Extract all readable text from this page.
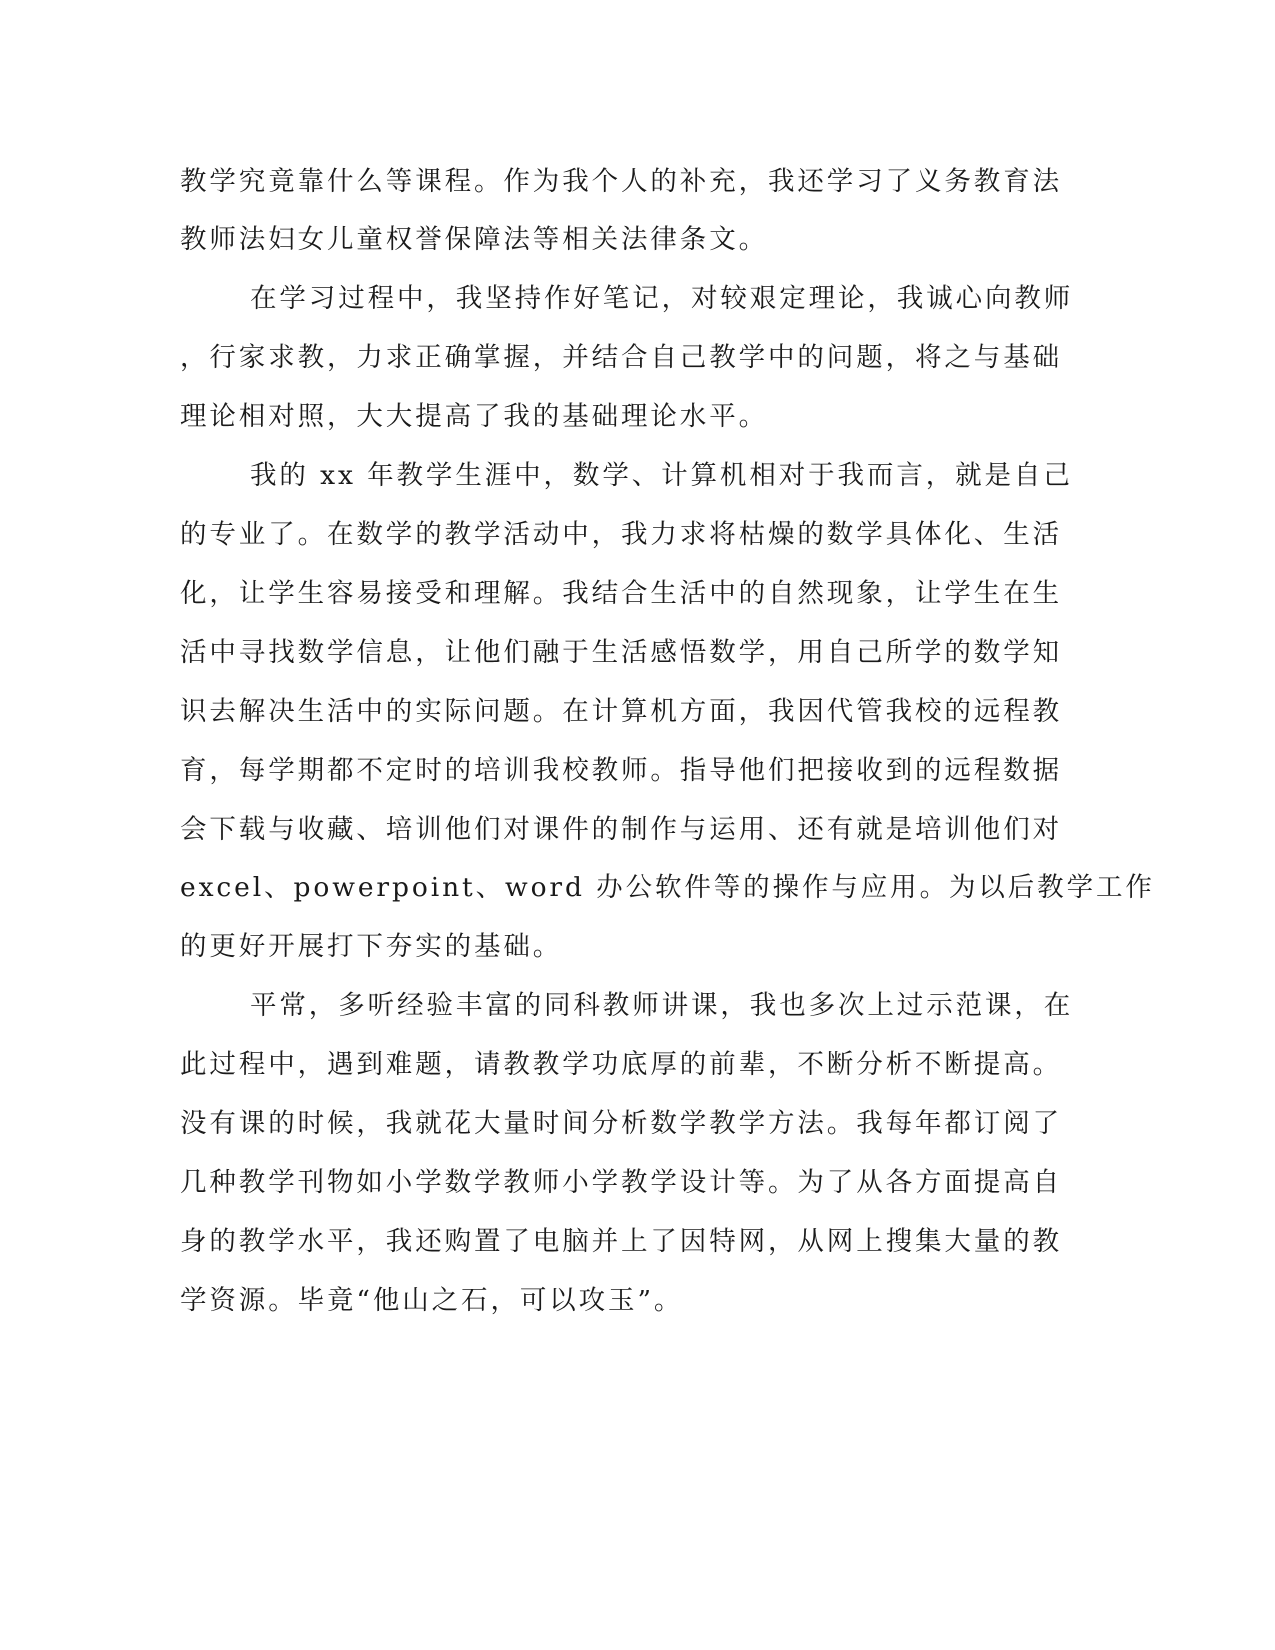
教学究竟靠什么等课程。作为我个人的补充，我还学习了义务教育法
教师法妇女儿童权誉保障法等相关法律条文。
在学习过程中，我坚持作好笔记，对较艰定理论，我诚心向教师
，行家求教，力求正确掌握，并结合自己教学中的问题，将之与基础
理论相对照，大大提高了我的基础理论水平。
我的 xx 年教学生涯中，数学、计算机相对于我而言，就是自己
的专业了。在数学的教学活动中，我力求将枯燥的数学具体化、生活
化，让学生容易接受和理解。我结合生活中的自然现象，让学生在生
活中寻找数学信息，让他们融于生活感悟数学，用自己所学的数学知
识去解决生活中的实际问题。在计算机方面，我因代管我校的远程教
育，每学期都不定时的培训我校教师。指导他们把接收到的远程数据
会下载与收藏、培训他们对课件的制作与运用、还有就是培训他们对
excel、powerpoint、word 办公软件等的操作与应用。为以后教学工作
的更好开展打下夯实的基础。
平常，多听经验丰富的同科教师讲课，我也多次上过示范课，在
此过程中，遇到难题，请教教学功底厚的前辈，不断分析不断提高。
没有课的时候，我就花大量时间分析数学教学方法。我每年都订阅了
几种教学刊物如小学数学教师小学教学设计等。为了从各方面提高自
身的教学水平，我还购置了电脑并上了因特网，从网上搜集大量的教
学资源。毕竟“他山之石，可以攻玉”。
